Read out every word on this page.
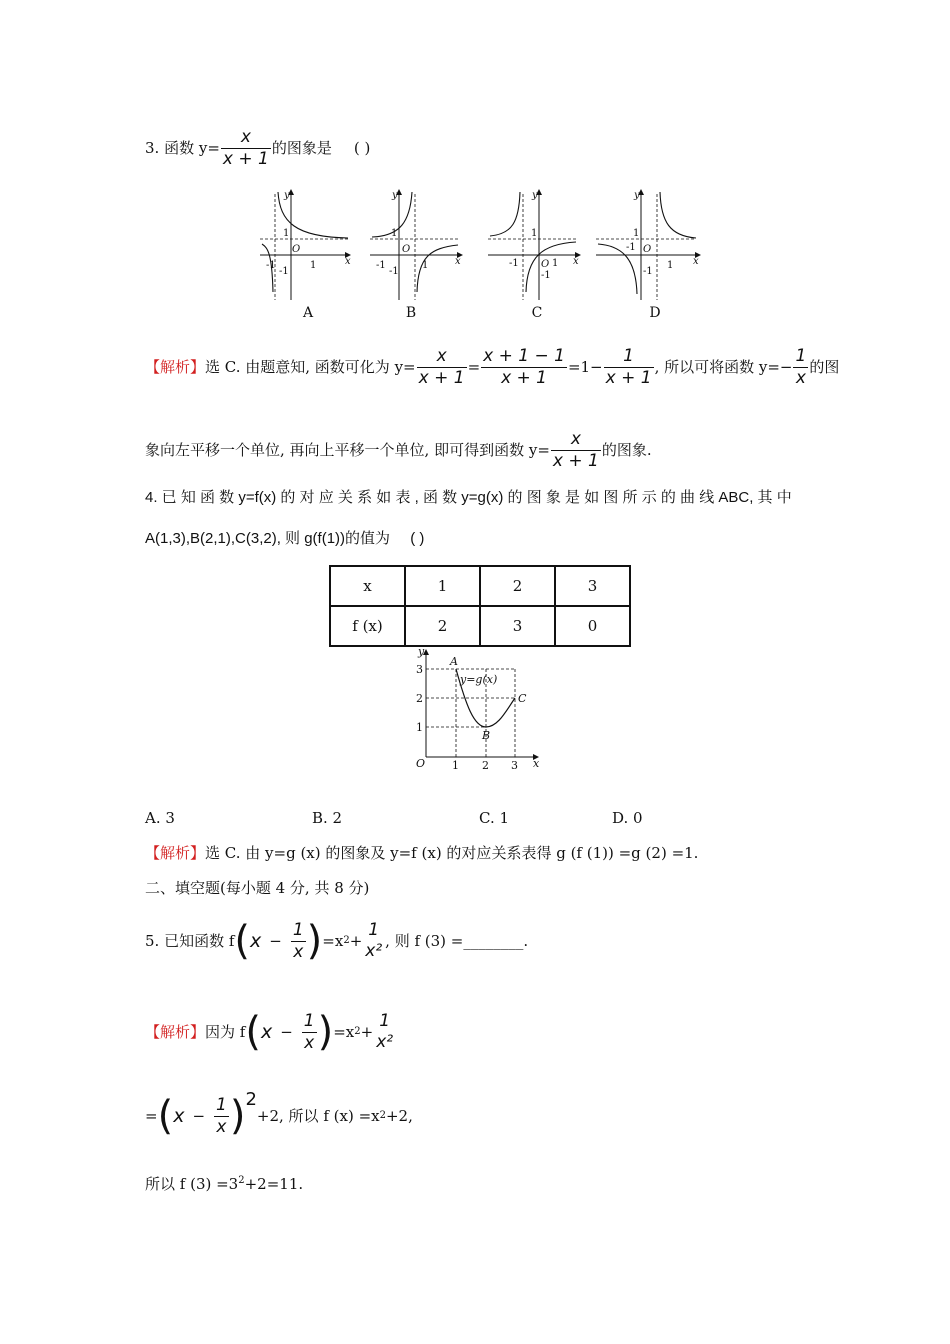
3. 函数 $y= \frac{x}{x + 1}$ 的图象是 ( )
y
x
O
1
-1	1
-1
y
x
O
1
-1	1
-1
y
x
O
1
-1	1
-1
y
x
O
1
-1
1
-1
A	B	C	D
【解析】 选 C. 由题意知, 函数可化为 $y= \frac{x}{x + 1} = \frac{x + 1 - 1}{x + 1} =1- \frac{1}{x + 1}$ , 所以可将函数 $y=- \frac{1}{x}$ 的图
象向左平移一个单位, 再向上平移一个单位, 即可得到函数 $y= \frac{x}{x + 1}$ 的图象.
4. 已 知 函 数 y=f(x) 的 对 应 关 系 如 表 , 函 数 y=g(x) 的 图 象 是 如 图 所 示 的 曲 线 ABC, 其 中
A(1,3),B(2,1),C(3,2), 则 g(f(1))的值为 ( )
x	1	2	3
f (x)	2	3	0
y
x
O 1 2 3
1
2
3
A
B
C
y=g(x)
A. 3	B. 2	C. 1	D. 0
【解析】选 C. 由 y=g (x) 的图象及 y=f (x) 的对应关系表得 g (f (1)) =g (2) =1.
二、填空题(每小题 4 分, 共 8 分)
5. 已知函数 f ( $x - \frac{1}{x}$ ) =x 2 +
1
x² , 则 f (3) =________.
【解析】 因为 f ( $x - \frac{1}{x}$ ) =x 2 +
1
x²
= ( $x - \frac{1}{x}$ ) 2
+2, 所以 f (x) =x 2 +2,
所以 f $(3) =3^2+2=11$.
